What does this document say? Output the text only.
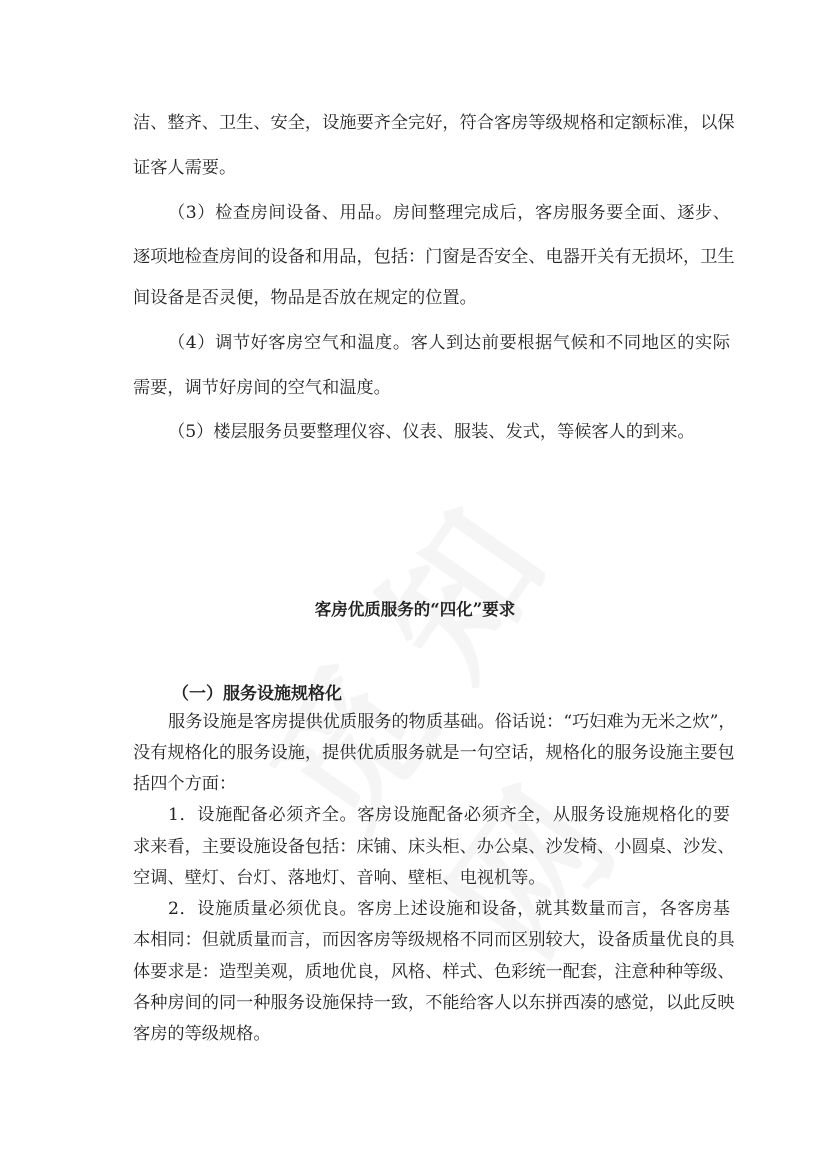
洁、整齐、卫生、安全，设施要齐全完好，符合客房等级规格和定额标准，以保
证客人需要。
（3）检查房间设备、用品。房间整理完成后，客房服务要全面、逐步、
逐项地检查房间的设备和用品，包括：门窗是否安全、电器开关有无损坏，卫生
间设备是否灵便，物品是否放在规定的位置。
（4）调节好客房空气和温度。客人到达前要根据气候和不同地区的实际
需要，调节好房间的空气和温度。
（5）楼层服务员要整理仪容、仪表、服装、发式，等候客人的到来。
客房优质服务的“四化”要求
（一）服务设施规格化
服务设施是客房提供优质服务的物质基础。俗话说：“巧妇难为无米之炊”，
没有规格化的服务设施，提供优质服务就是一句空话，规格化的服务设施主要包
括四个方面：
1．设施配备必须齐全。客房设施配备必须齐全，从服务设施规格化的要
求来看，主要设施设备包括：床铺、床头柜、办公桌、沙发椅、小圆桌、沙发、
空调、壁灯、台灯、落地灯、音响、壁柜、电视机等。
2．设施质量必须优良。客房上述设施和设备，就其数量而言，各客房基
本相同：但就质量而言，而因客房等级规格不同而区别较大，设备质量优良的具
体要求是：造型美观，质地优良，风格、样式、色彩统一配套，注意种种等级、
各种房间的同一种服务设施保持一致，不能给客人以东拼西凑的感觉，以此反映
客房的等级规格。
